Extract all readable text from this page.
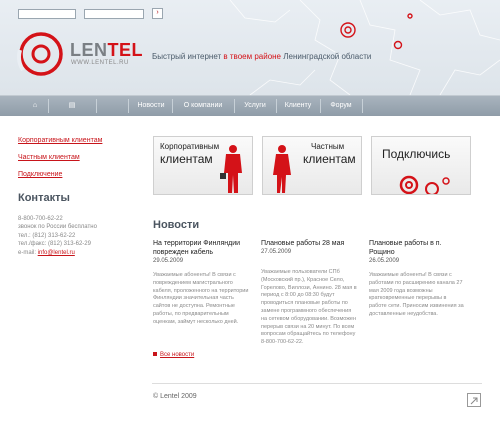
›
LENTEL
WWW.LENTEL.RU
Быстрый интернет в твоем районе Ленинградской области
⌂	▤	Новости	О компании	Услуги	Клиенту	Форум
Корпоративным клиентам
Частным клиентам
Подключение
Контакты
8-800-700-62-22
звонок по России бесплатно
тел.: (812) 313-62-22
тел./факс: (812) 313-62-29
e-mail: info@lentel.ru
Корпоративным
клиентам
Частным
клиентам Подключись
Новости
На территории Финляндии поврежден кабель
29.05.2009
Уважаемые абоненты! В связи с повреждением магистрального кабеля, проложенного на территории Финляндии значительная часть сайтов не доступна. Ремонтные работы, по предварительным оценкам, займут несколько дней.
Плановые работы 28 мая
27.05.2009
Уважаемые пользователи СПб (Московский пр.), Красное Село, Горелово, Виллози, Аннино. 28 мая в период с 8:00 до 08:30 будут проводиться плановые работы по замене программного обеспечения на сетевом оборудовании. Возможен перерыв связи на 20 минут. По всем вопросам обращайтесь по телефону 8-800-700-62-22.
Плановые работы в п. Рощино
26.05.2009
Уважаемые абоненты! В связи с работами по расширению канала 27 мая 2009 года возможны кратковременные перерывы в работе сети. Приносим извинения за доставленные неудобства.
Все новости
© Lentel 2009
